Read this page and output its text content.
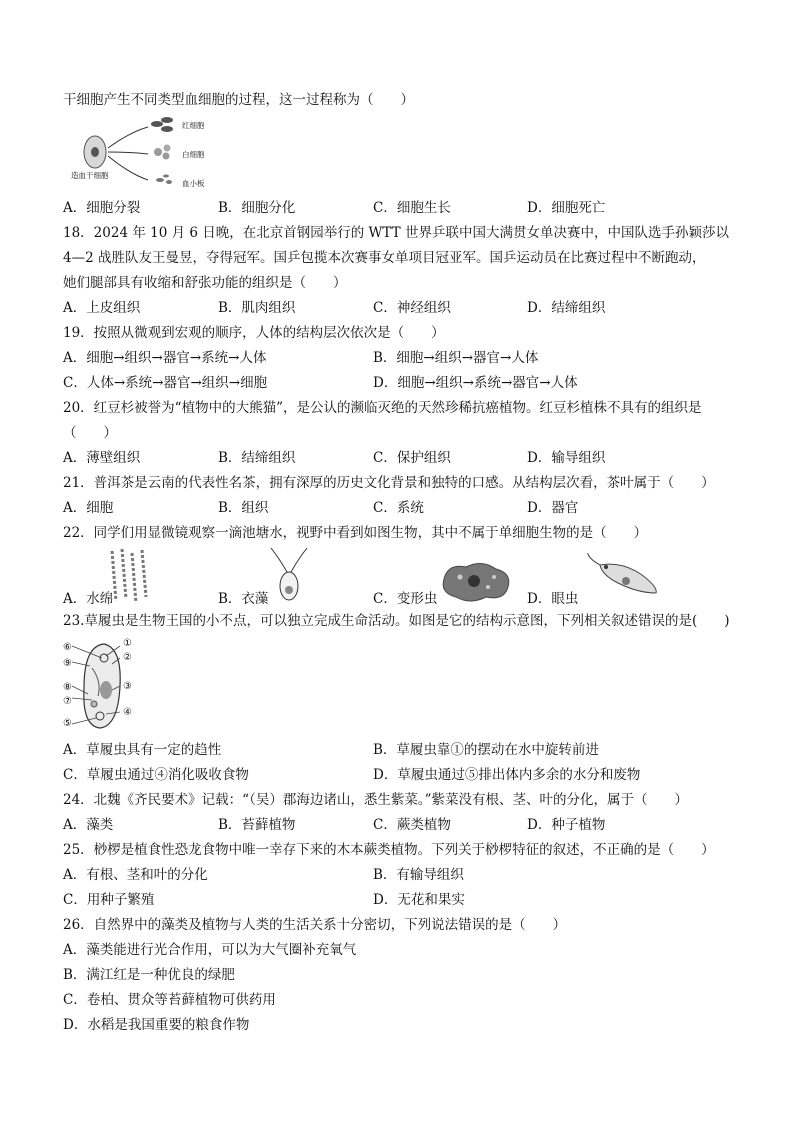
干细胞产生不同类型血细胞的过程，这一过程称为（　　）
造血干细胞
红细胞
白细胞
血小板
A．细胞分裂	B．细胞分化	C．细胞生长	D．细胞死亡
18．2024 年 10 月 6 日晚，在北京首钢园举行的 WTT 世界乒联中国大满贯女单决赛中，中国队选手孙颖莎以
4—2 战胜队友王曼昱，夺得冠军。国乒包揽本次赛事女单项目冠亚军。国乒运动员在比赛过程中不断跑动，
她们腿部具有收缩和舒张功能的组织是（　　）
A．上皮组织	B．肌肉组织	C．神经组织	D．结缔组织
19．按照从微观到宏观的顺序，人体的结构层次依次是（　　）
A．细胞→组织→器官→系统→人体	B．细胞→组织→器官→人体
C．人体→系统→器官→组织→细胞	D．细胞→组织→系统→器官→人体
20．红豆杉被誉为“植物中的大熊猫”，是公认的濒临灭绝的天然珍稀抗癌植物。红豆杉植株不具有的组织是
（　　）
A．薄壁组织	B．结缔组织	C．保护组织	D．输导组织
21．普洱茶是云南的代表性名茶，拥有深厚的历史文化背景和独特的口感。从结构层次看，茶叶属于（　　）
A．细胞	B．组织	C．系统	D．器官
22．同学们用显微镜观察一滴池塘水，视野中看到如图生物，其中不属于单细胞生物的是（　　）
A．水绵	B．衣藻	C．变形虫	D．眼虫
23.草履虫是生物王国的小不点，可以独立完成生命活动。如图是它的结构示意图，下列相关叙述错误的是(　　)
⑥	①
⑨
②
⑧	③
⑦
④
⑤
A．草履虫具有一定的趋性	B．草履虫靠①的摆动在水中旋转前进
C．草履虫通过④消化吸收食物	D．草履虫通过⑤排出体内多余的水分和废物
24．北魏《齐民要术》记载：“（吴）郡海边诸山，悉生紫菜。”紫菜没有根、茎、叶的分化，属于（　　）
A．藻类	B．苔藓植物	C．蕨类植物	D．种子植物
25．桫椤是植食性恐龙食物中唯一幸存下来的木本蕨类植物。下列关于桫椤特征的叙述，不正确的是（　　）
A．有根、茎和叶的分化	B．有输导组织
C．用种子繁殖	D．无花和果实
26．自然界中的藻类及植物与人类的生活关系十分密切，下列说法错误的是（　　）
A．藻类能进行光合作用，可以为大气圈补充氧气
B．满江红是一种优良的绿肥
C．卷柏、贯众等苔藓植物可供药用
D．水稻是我国重要的粮食作物
